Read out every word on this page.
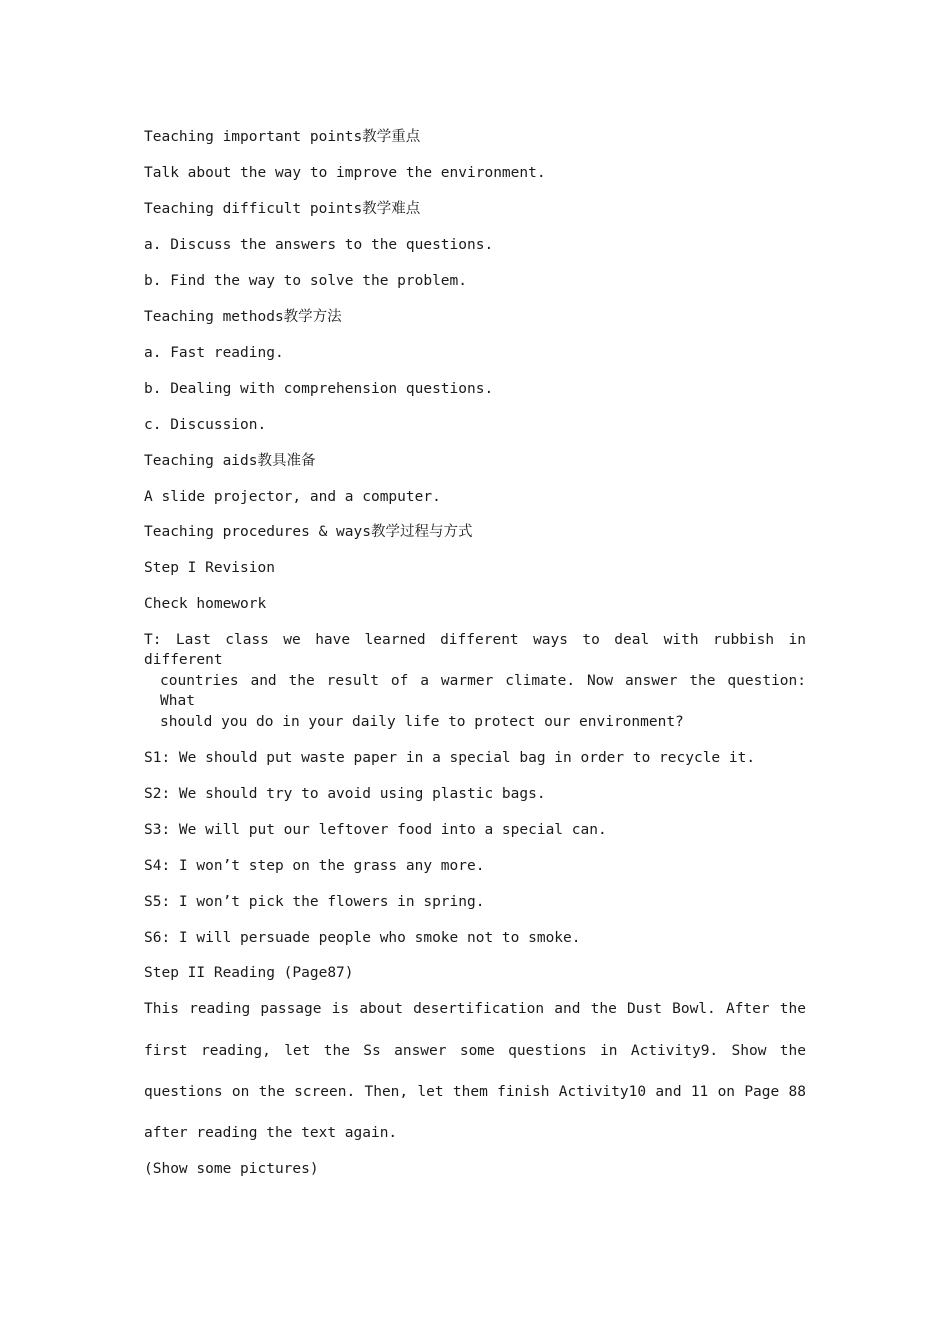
Teaching important points教学重点
Talk about the way to improve the environment.
Teaching difficult points教学难点
a. Discuss the answers to the questions.
b. Find the way to solve the problem.
Teaching methods教学方法
a. Fast reading.
b. Dealing with comprehension questions.
c. Discussion.
Teaching aids教具准备
A slide projector, and a computer.
Teaching procedures & ways教学过程与方式
Step I Revision
Check homework
T: Last class we have learned different ways to deal with rubbish in different
countries and the result of a warmer climate. Now answer the question: What
should you do in your daily life to protect our environment?
S1: We should put waste paper in a special bag in order to recycle it.
S2: We should try to avoid using plastic bags.
S3: We will put our leftover food into a special can.
S4: I won’t step on the grass any more.
S5: I won’t pick the flowers in spring.
S6: I will persuade people who smoke not to smoke.
Step II Reading (Page87)
This reading passage is about desertification and the Dust Bowl. After the
first reading, let the Ss answer some questions in Activity9. Show the
questions on the screen. Then, let them finish Activity10 and 11 on Page 88
after reading the text again.
(Show some pictures)
